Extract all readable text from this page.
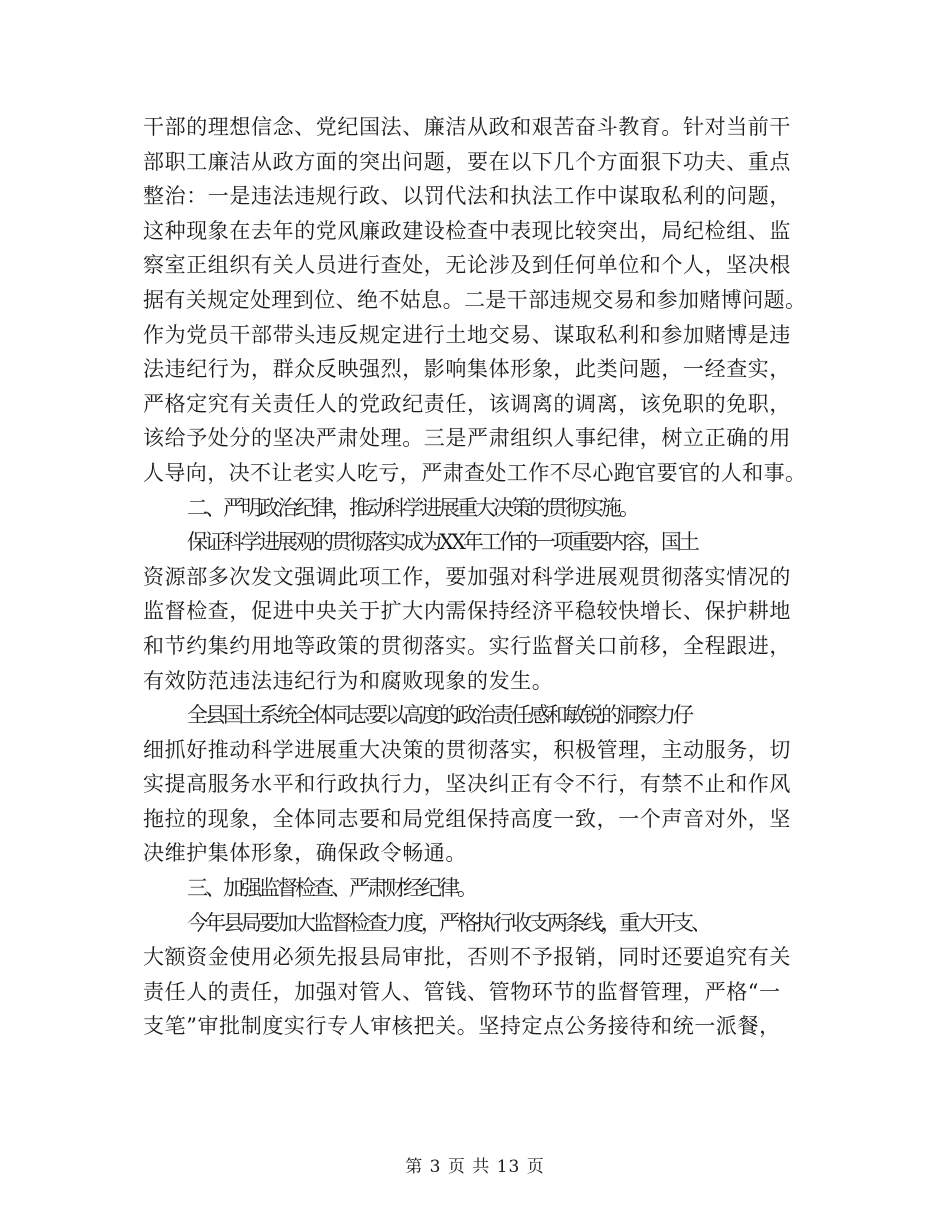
干部的理想信念、党纪国法、廉洁从政和艰苦奋斗教育。针对当前干
部职工廉洁从政方面的突出问题，要在以下几个方面狠下功夫、重点
整治：一是违法违规行政、以罚代法和执法工作中谋取私利的问题，
这种现象在去年的党风廉政建设检查中表现比较突出，局纪检组、监
察室正组织有关人员进行查处，无论涉及到任何单位和个人，坚决根
据有关规定处理到位、绝不姑息。二是干部违规交易和参加赌博问题。
作为党员干部带头违反规定进行土地交易、谋取私利和参加赌博是违
法违纪行为，群众反映强烈，影响集体形象，此类问题，一经查实，
严格定究有关责任人的党政纪责任，该调离的调离，该免职的免职，
该给予处分的坚决严肃处理。三是严肃组织人事纪律，树立正确的用
人导向，决不让老实人吃亏，严肃查处工作不尽心跑官要官的人和事。
二、严明政治纪律，推动科学进展重大决策的贯彻实施。
保证科学进展观的贯彻落实成为XX年工作的一项重要内容，国土
资源部多次发文强调此项工作，要加强对科学进展观贯彻落实情况的
监督检查，促进中央关于扩大内需保持经济平稳较快增长、保护耕地
和节约集约用地等政策的贯彻落实。实行监督关口前移，全程跟进，
有效防范违法违纪行为和腐败现象的发生。
全县国土系统全体同志要以高度的政治责任感和敏锐的洞察力仔
细抓好推动科学进展重大决策的贯彻落实，积极管理，主动服务，切
实提高服务水平和行政执行力，坚决纠正有令不行，有禁不止和作风
拖拉的现象，全体同志要和局党组保持高度一致，一个声音对外，坚
决维护集体形象，确保政令畅通。
三、加强监督检查、严肃财经纪律。
今年县局要加大监督检查力度，严格执行收支两条线，重大开支、
大额资金使用必须先报县局审批，否则不予报销，同时还要追究有关
责任人的责任，加强对管人、管钱、管物环节的监督管理，严格“一
支笔”审批制度实行专人审核把关。坚持定点公务接待和统一派餐，
第 3 页 共 13 页
